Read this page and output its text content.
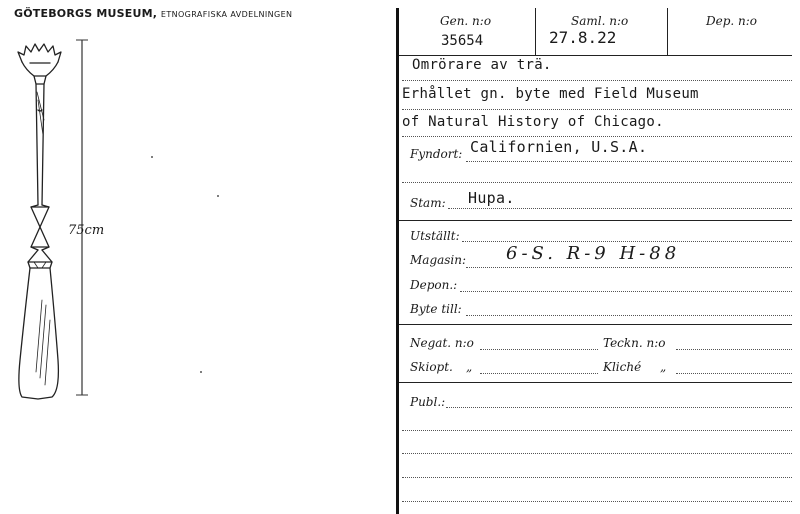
GÖTEBORGS MUSEUM, ETNOGRAFISKA AVDELNINGEN
75cm
Gen. n:o
35654
Saml. n:o
27.8.22
Dep. n:o
Omrörare av trä.
Erhållet gn. byte med Field Museum
of Natural History of Chicago.
Fyndort: Californien, U.S.A.
Stam: Hupa.
Utställt:
Magasin: 6-S. R-9 H-88
Depon.:
Byte till:
Negat. n:o	Teckn. n:o
Skiopt. „	Kliché „
Publ.:
